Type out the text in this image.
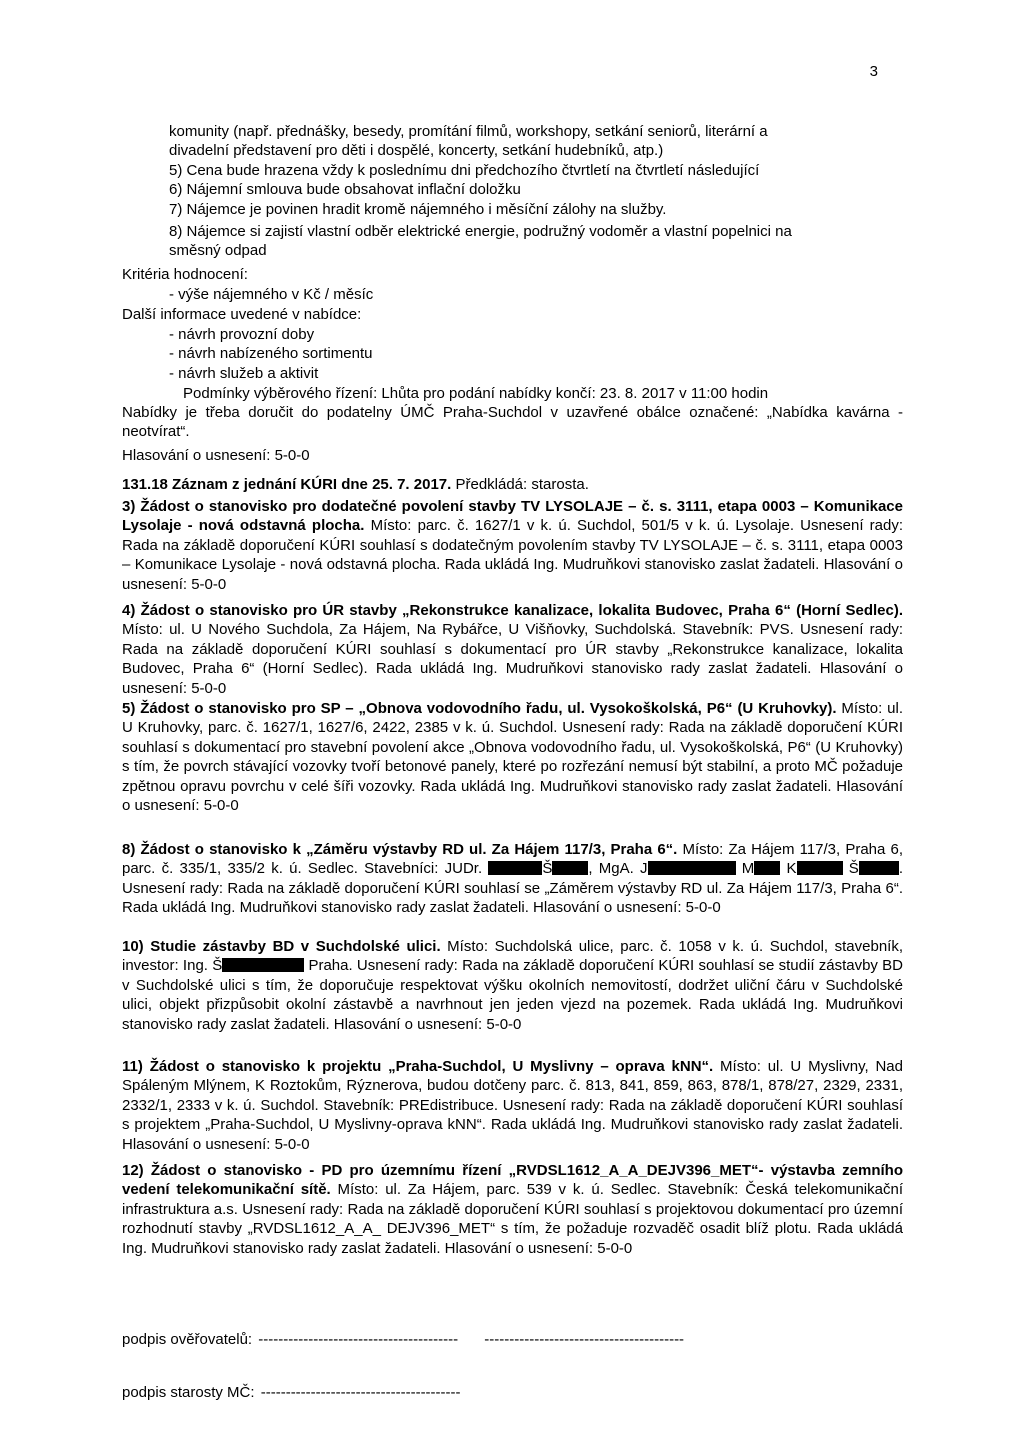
3
komunity (např. přednášky, besedy, promítání filmů, workshopy, setkání seniorů, literární a
divadelní představení pro děti i dospělé, koncerty, setkání hudebníků, atp.)
5) Cena bude hrazena vždy k poslednímu dni předchozího čtvrtletí na čtvrtletí následující
6) Nájemní smlouva bude obsahovat inflační doložku
7) Nájemce je povinen hradit kromě nájemného i měsíční zálohy na služby.
8) Nájemce si zajistí vlastní odběr elektrické energie, podružný vodoměr a vlastní popelnici na
směsný odpad
Kritéria hodnocení:
- výše nájemného v Kč / měsíc
Další informace uvedené v nabídce:
- návrh provozní doby
- návrh nabízeného sortimentu
- návrh služeb a aktivit
Podmínky výběrového řízení: Lhůta pro podání nabídky končí: 23. 8. 2017 v 11:00 hodin
Nabídky je třeba doručit do podatelny ÚMČ Praha-Suchdol v uzavřené obálce označené: „Nabídka kavárna - neotvírat“.
Hlasování o usnesení: 5-0-0
131.18 Záznam z jednání KÚRI dne 25. 7. 2017. Předkládá: starosta.
3) Žádost o stanovisko pro dodatečné povolení stavby TV LYSOLAJE – č. s. 3111, etapa 0003 – Komunikace Lysolaje - nová odstavná plocha. Místo: parc. č. 1627/1 v k. ú. Suchdol, 501/5 v k. ú. Lysolaje. Usnesení rady: Rada na základě doporučení KÚRI souhlasí s dodatečným povolením stavby TV LYSOLAJE – č. s. 3111, etapa 0003 – Komunikace Lysolaje - nová odstavná plocha. Rada ukládá Ing. Mudruňkovi stanovisko zaslat žadateli. Hlasování o usnesení: 5-0-0
4) Žádost o stanovisko pro ÚR stavby „Rekonstrukce kanalizace, lokalita Budovec, Praha 6“ (Horní Sedlec). Místo: ul. U Nového Suchdola, Za Hájem, Na Rybářce, U Višňovky, Suchdolská. Stavebník: PVS. Usnesení rady: Rada na základě doporučení KÚRI souhlasí s dokumentací pro ÚR stavby „Rekonstrukce kanalizace, lokalita Budovec, Praha 6“ (Horní Sedlec). Rada ukládá Ing. Mudruňkovi stanovisko rady zaslat žadateli. Hlasování o usnesení: 5-0-0
5) Žádost o stanovisko pro SP – „Obnova vodovodního řadu, ul. Vysokoškolská, P6“ (U Kruhovky). Místo: ul. U Kruhovky, parc. č. 1627/1, 1627/6, 2422, 2385 v k. ú. Suchdol. Usnesení rady: Rada na základě doporučení KÚRI souhlasí s dokumentací pro stavební povolení akce „Obnova vodovodního řadu, ul. Vysokoškolská, P6“ (U Kruhovky) s tím, že povrch stávající vozovky tvoří betonové panely, které po rozřezání nemusí být stabilní, a proto MČ požaduje zpětnou opravu povrchu v celé šíři vozovky. Rada ukládá Ing. Mudruňkovi stanovisko rady zaslat žadateli. Hlasování o usnesení: 5-0-0
8) Žádost o stanovisko k „Záměru výstavby RD ul. Za Hájem 117/3, Praha 6“. Místo: Za Hájem 117/3, Praha 6, parc. č. 335/1, 335/2 k. ú. Sedlec. Stavebníci: JUDr.	Š , MgA. J	M K	Š	. Usnesení rady: Rada na základě doporučení KÚRI souhlasí se „Záměrem výstavby RD ul. Za Hájem 117/3, Praha 6“. Rada ukládá Ing. Mudruňkovi stanovisko rady zaslat žadateli. Hlasování o usnesení: 5-0-0
10) Studie zástavby BD v Suchdolské ulici. Místo: Suchdolská ulice, parc. č. 1058 v k. ú. Suchdol, stavebník, investor: Ing. Š	Praha. Usnesení rady: Rada na základě doporučení KÚRI souhlasí se studií zástavby BD v Suchdolské ulici s tím, že doporučuje respektovat výšku okolních nemovitostí, dodržet uliční čáru v Suchdolské ulici, objekt přizpůsobit okolní zástavbě a navrhnout jen jeden vjezd na pozemek. Rada ukládá Ing. Mudruňkovi stanovisko rady zaslat žadateli. Hlasování o usnesení: 5-0-0
11) Žádost o stanovisko k projektu „Praha-Suchdol, U Myslivny – oprava kNN“. Místo: ul. U Myslivny, Nad Spáleným Mlýnem, K Roztokům, Rýznerova, budou dotčeny parc. č. 813, 841, 859, 863, 878/1, 878/27, 2329, 2331, 2332/1, 2333 v k. ú. Suchdol. Stavebník: PREdistribuce. Usnesení rady: Rada na základě doporučení KÚRI souhlasí s projektem „Praha-Suchdol, U Myslivny-oprava kNN“. Rada ukládá Ing. Mudruňkovi stanovisko rady zaslat žadateli. Hlasování o usnesení: 5-0-0
12) Žádost o stanovisko - PD pro územnímu řízení „RVDSL1612_A_A_DEJV396_MET“- výstavba zemního vedení telekomunikační sítě. Místo: ul. Za Hájem, parc. 539 v k. ú. Sedlec. Stavebník: Česká telekomunikační infrastruktura a.s. Usnesení rady: Rada na základě doporučení KÚRI souhlasí s projektovou dokumentací pro územní rozhodnutí stavby „RVDSL1612_A_A_ DEJV396_MET“ s tím, že požaduje rozvaděč osadit blíž plotu. Rada ukládá Ing. Mudruňkovi stanovisko rady zaslat žadateli. Hlasování o usnesení: 5-0-0
podpis ověřovatelů: ---------------------------------------- ----------------------------------------
podpis starosty MČ: ----------------------------------------
